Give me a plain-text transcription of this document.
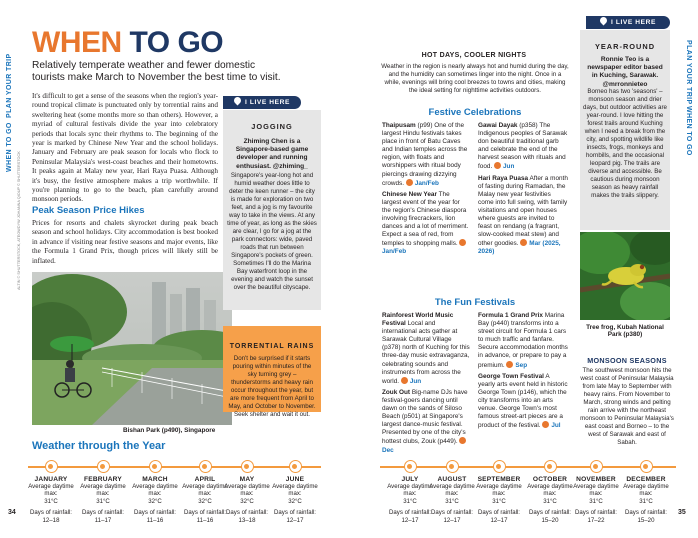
PLAN YOUR TRIP
WHEN TO GO
PLAN YOUR TRIP
WHEN TO GO
WHEN TO GO
Relatively temperate weather and fewer domestic tourists make March to November the best time to visit.
It's difficult to get a sense of the seasons when the region's year-round tropical climate is punctuated only by torrential rains and sweltering heat (some months more so than others). However, a myriad of cultural festivals divide the year into celebratory periods that locals sync their rhythms to. The beginning of the year is marked by Chinese New Year and the school holidays. January and February are peak season for locals who flock to Peninsular Malaysia's west-coast beaches and their hometowns. It peaks again at Malay new year, Hari Raya Puasa. Although it's busy, the festive atmosphere makes a trip worthwhile. If you're planning to go to the beach, plan carefully around monsoon periods.
Peak Season Price Hikes
Prices for resorts and chalets skyrocket during peak beach season and school holidays. City accommodation is best booked in advance if visiting near festive seasons and major events, like the Formula 1 Grand Prix, though prices will likely still be inflated.
Bishan Park (p490), Singapore
ALTIN © SHUTTERSTOCK, ATEOWDYW JOHANNA QIOUP © SHUTTERSTOCK
I LIVE HERE
JOGGING
Zhiming Chen is a Singapore-based game developer and running enthusiast. @zhiming_
Singapore's year-long hot and humid weather does little to deter the keen runner – the city is made for exploration on two feet, and a jog is my favourite way to take in the views. At any time of year, as long as the skies are clear, I go for a jog at the park connectors: wide, paved roads that run between Singapore's pockets of green. Sometimes I'll do the Marina Bay waterfront loop in the evening and watch the sunset over the beautiful cityscape.
TORRENTIAL RAINS
Don't be surprised if it starts pouring within minutes of the sky turning grey – thunderstorms and heavy rain occur throughout the year, but are more frequent from April to May, and October to November. Seek shelter and wait it out.
HOT DAYS, COOLER NIGHTS
Weather in the region is nearly always hot and humid during the day, and the humidity can sometimes linger into the night. Once in a while, evenings will bring cool breezes to towns and cities, making the ideal setting for nighttime activities outdoors.
Festive Celebrations

Thaipusam (p99) One of the largest Hindu festivals takes place in front of Batu Caves and Indian temples across the region, with floats and worshippers with ritual body piercings drawing dizzying crowds. Jan/Feb

Chinese New Year The largest event of the year for the region's Chinese diaspora involving firecrackers, lion dances and a lot of merriment. Expect a sea of red, from temples to shopping malls. Jan/Feb

Gawai Dayak (p358) The Indigenous peoples of Sarawak don beautiful traditional garb and celebrate the end of the harvest season with rituals and food. Jun

Hari Raya Puasa After a month of fasting during Ramadan, the Malay new year festivities come into full swing, with family visitations and open houses where guests are invited to feast on rendang (a fragrant, slow-cooked meat stew) and other goodies. Mar (2025, 2026)

The Fun Festivals

Rainforest World Music Festival Local and international acts gather at Sarawak Cultural Village (p378) north of Kuching for this three-day music extravaganza, celebrating sounds and instruments from across the world. Jun

Zouk Out Big-name DJs have festival-goers dancing until dawn on the sands of Siloso Beach (p501) at Singapore's largest dance-music festival. Presented by one of the city's hottest clubs, Zouk (p449). Dec

Formula 1 Grand Prix Marina Bay (p440) transforms into a street circuit for Formula 1 cars to much traffic and fanfare. Secure accommodation months in advance, or prepare to pay a premium. Sep

George Town Festival A yearly arts event held in historic George Town (p146), which the city transforms into an arts venue. George Town's most famous street-art pieces are a product of the festival. Jul

I LIVE HERE
YEAR-ROUND
Ronnie Teo is a newspaper editor based in Kuching, Sarawak. @mrronnieteo
Borneo has two 'seasons' – monsoon season and drier days, but outdoor activities are year-round. I love hitting the forest trails around Kuching when I need a break from the city, and spotting wildlife like insects, frogs, monkeys and hornbills, and the occasional leopard pig. The trails are diverse and accessible. Be cautious during monsoon season as heavy rainfall makes the trails slippery.
Tree frog, Kubah National Park (p380)
MONSOON SEASONS
The southwest monsoon hits the west coast of Peninsular Malaysia from late May to September with heavy rains. From November to March, strong winds and pelting rain arrive with the northeast monsoon to Peninsular Malaysia's east coast and Borneo – to the west of Sarawak and east of Sabah.
Weather through the Year
JANUARY
Average daytime max:
31°C
Days of rainfall:
12–18
FEBRUARY
Average daytime max:
31°C
Days of rainfall:
11–17
MARCH
Average daytime max:
32°C
Days of rainfall:
11–16
APRIL
Average daytime max:
32°C
Days of rainfall:
11–16
MAY
Average daytime max:
32°C
Days of rainfall:
13–18
JUNE
Average daytime max:
32°C
Days of rainfall:
12–17
JULY
Average daytime max:
31°C
Days of rainfall:
12–17
AUGUST
Average daytime max:
31°C
Days of rainfall:
12–17
SEPTEMBER
Average daytime max:
31°C
Days of rainfall:
12–17
OCTOBER
Average daytime max:
31°C
Days of rainfall:
15–20
NOVEMBER
Average daytime max:
31°C
Days of rainfall:
17–22
DECEMBER
Average daytime max:
31°C
Days of rainfall:
15–20
34	35
